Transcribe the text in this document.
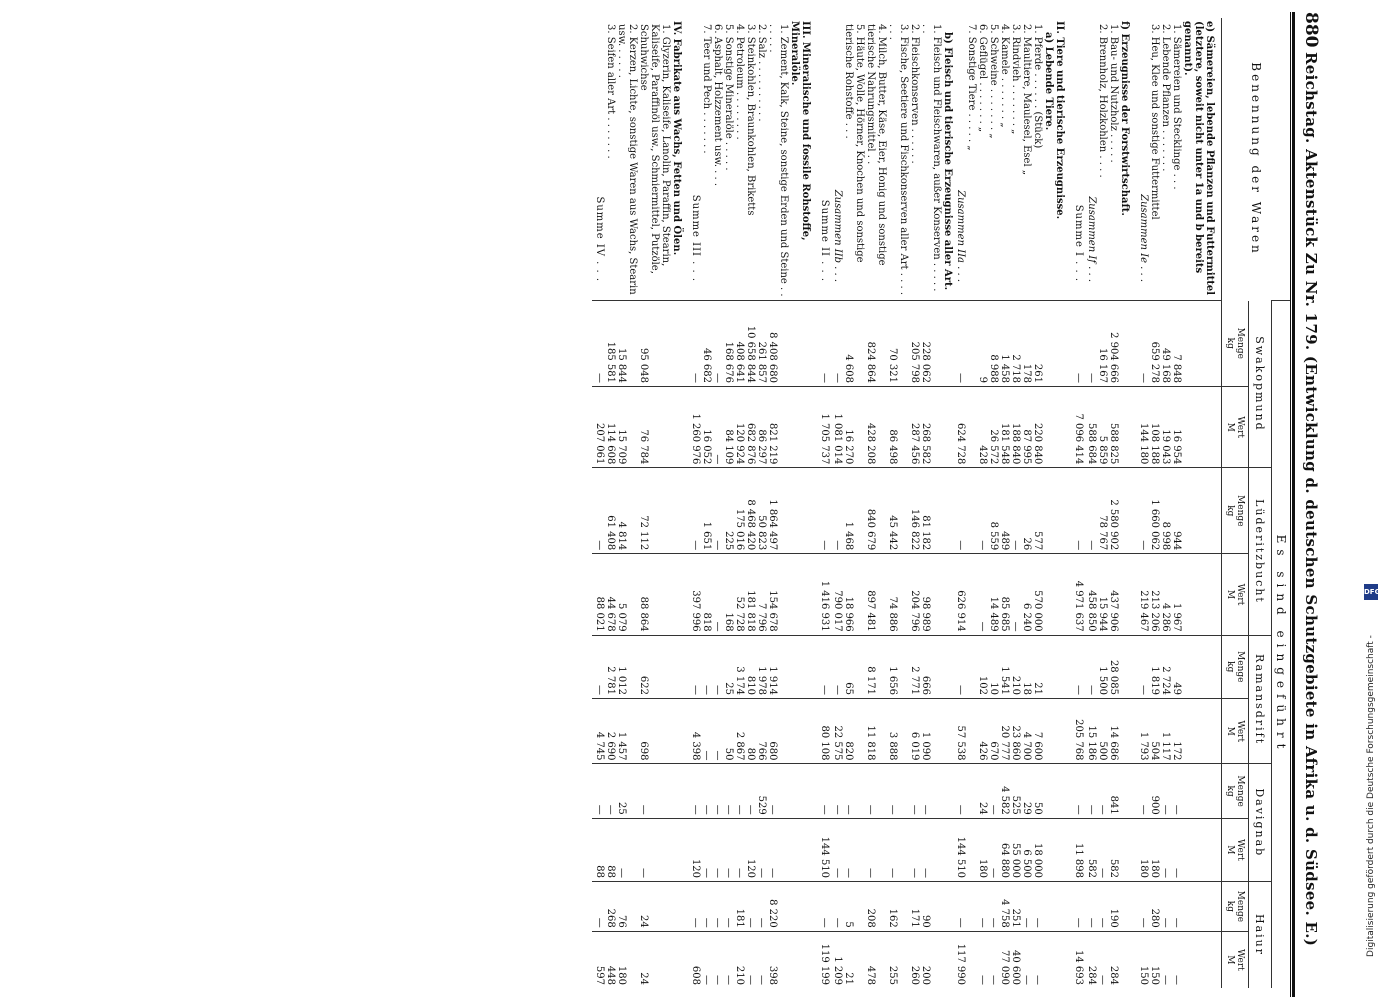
880
Reichstag. Aktenstück Zu Nr. 179. (Entwicklung d. deutschen Schutzgebiete in Afrika u. d. Südsee. E.)
Benennung der Waren	Es sind eingeführt									
	Swakopmund		Lüderitzbucht		Ramansdrift		Davignab		Haiur	
	Menge
kg	Wert
M	Menge
kg	Wert
M	Menge
kg	Wert
M	Menge
kg	Wert
M	Menge
kg	Wert
M
e) Sämereien, lebende Pflanzen und Futtermittel (letztere, soweit nicht unter 1a und b bereits genannt).										
1. Sämereien und Stecklinge . . .	7 848	16 954	944	1 967	49	172	—	—	—	—
2. Lebende Pflanzen . . . . . . .	49 168	19 043	8 998	4 286	2 724	1 117	—	—	—	—
3. Heu, Klee und sonstige Futtermittel	659 278	108 188	1 660 062	213 206	1 819	504	900	180	280	150
Zusammen Ie . . .	—	144 180	—	219 467	—	1 793	—	180	—	150
f) Erzeugnisse der Forstwirtschaft.										
1. Bau- und Nutzholz . . . . .	2 904 666	588 825	2 580 902	437 906	28 085	14 686	841	582	190	284
2. Brennholz, Holzkohlen . . . .	16 167	5 859	78 767	15 944	1 500	500	—	—	—	—
Zusammen If . . .	—	588 684	—	458 850	—	15 186	—	582	—	284
Summe I . . .	—	7 096 414	—	4 971 637	—	205 768	—	11 898	—	14 693
II. Tiere und tierische Erzeugnisse.										
a) Lebende Tiere.										
1. Pferde . . . . . . (Stück)	261	220 840	577	570 000	21	7 600	50	18 000	—	—
2. Maultiere, Maulesel, Esel „	178	87 995	26	6 240	18	4 700	29	6 500	—	—
3. Rindvieh . . . . . . . „	2 718	188 840	—	—	210	23 860	525	55 000	251	40 600
4. Kamele . . . . . . . „	1 458	181 548	489	85 685	1 541	20 777	4 582	64 880	4 758	77 090
5. Schweine . . . . . . . „	8 988	26 572	8 559	14 489	10	670	—	—	—	—
6. Geflügel . . . . . . . „	9	428	—	—	102	426	24	180	—	—
7. Sonstige Tiere . . . . . „										
Zusammen IIa . . .	—	624 728	—	626 914	—	57 538	—	144 510	—	117 990
b) Fleisch und tierische Erzeugnisse aller Art.										
1. Fleisch und Fleischwaren, außer Konserven . . . . . . .	228 062	268 582	81 182	98 989	666	1 090	—	—	90	200
2. Fleischkonserven . . . . . .	205 798	287 456	146 822	204 796	2 771	6 019	—	—	171	260
3. Fische, Seetiere und Fischkonserven aller Art . . . . . . .	70 321	86 498	45 442	74 886	1 656	3 888	—	—	162	255
4. Milch, Butter, Käse, Eier, Honig und sonstige tierische Nahrungsmittel . .	824 864	428 208	840 679	897 481	8 171	11 818	—	—	208	478
5. Häute, Wolle, Hörner, Knochen und sonstige tierische Rohstoffe . . .	4 608	16 270	1 468	18 966	65	820	—	—	5	21
Zusammen IIb . . .	—	1 081 014	—	790 017	—	22 575	—	—	—	1 209
Summe II . . .	—	1 705 737	—	1 416 931	—	80 108	—	144 510	—	119 199
III. Mineralische und fossile Rohstoffe, Mineralöle.										
1. Zement, Kalk, Steine, sonstige Erden und Steine . . . . . . .	8 408 680	821 219	1 864 497	154 678	1 914	680	—	—	8 220	398
2. Salz . . . . . . . . . .	261 857	86 297	50 823	7 796	1 978	766	529	—	—	—
3. Steinkohlen, Braunkohlen, Briketts	10 658 844	682 876	8 468 420	181 818	810	80	—	120	—	—
4. Petroleum . . . . . . . .	408 641	120 924	175 016	52 728	3 174	2 867	—	—	181	210
5. Sonstige Mineralöle . . . . .	168 676	84 109	225	168	25	50	—	—	—	—
6. Asphalt, Holzzement usw. . . .	—	—	—	—	—	—	—	—	—	—
7. Teer und Pech . . . . . . .	46 682	16 052	1 651	818	—	—	—	—	—	—
Summe III . . .	—	1 260 976	—	397 996	—	4 398	—	120	—	608
IV. Fabrikate aus Wachs, Fetten und Ölen.										
1. Glyzerin, Kaliseife, Lanolin, Paraffin, Stearin, Kaliseife, Paraffinöl usw., Schmiermittel, Putzöle, Schuhwichse	95 048	76 784	72 112	88 864	622	698	—	—	24	24
2. Kerzen, Lichte, sonstige Waren aus Wachs, Stearin usw. . . . . .	15 844	15 709	4 814	5 079	1 012	1 457	25	—	76	180
3. Seifen aller Art . . . . . . .	185 581	114 608	61 408	44 678	2 781	2 690	—	88	268	448
Summe IV . . .	—	207 061	—	88 021	—	4 745	—	88	—	597
DFG
Digitalisierung gefördert durch die Deutsche Forschungsgemeinschaft -
